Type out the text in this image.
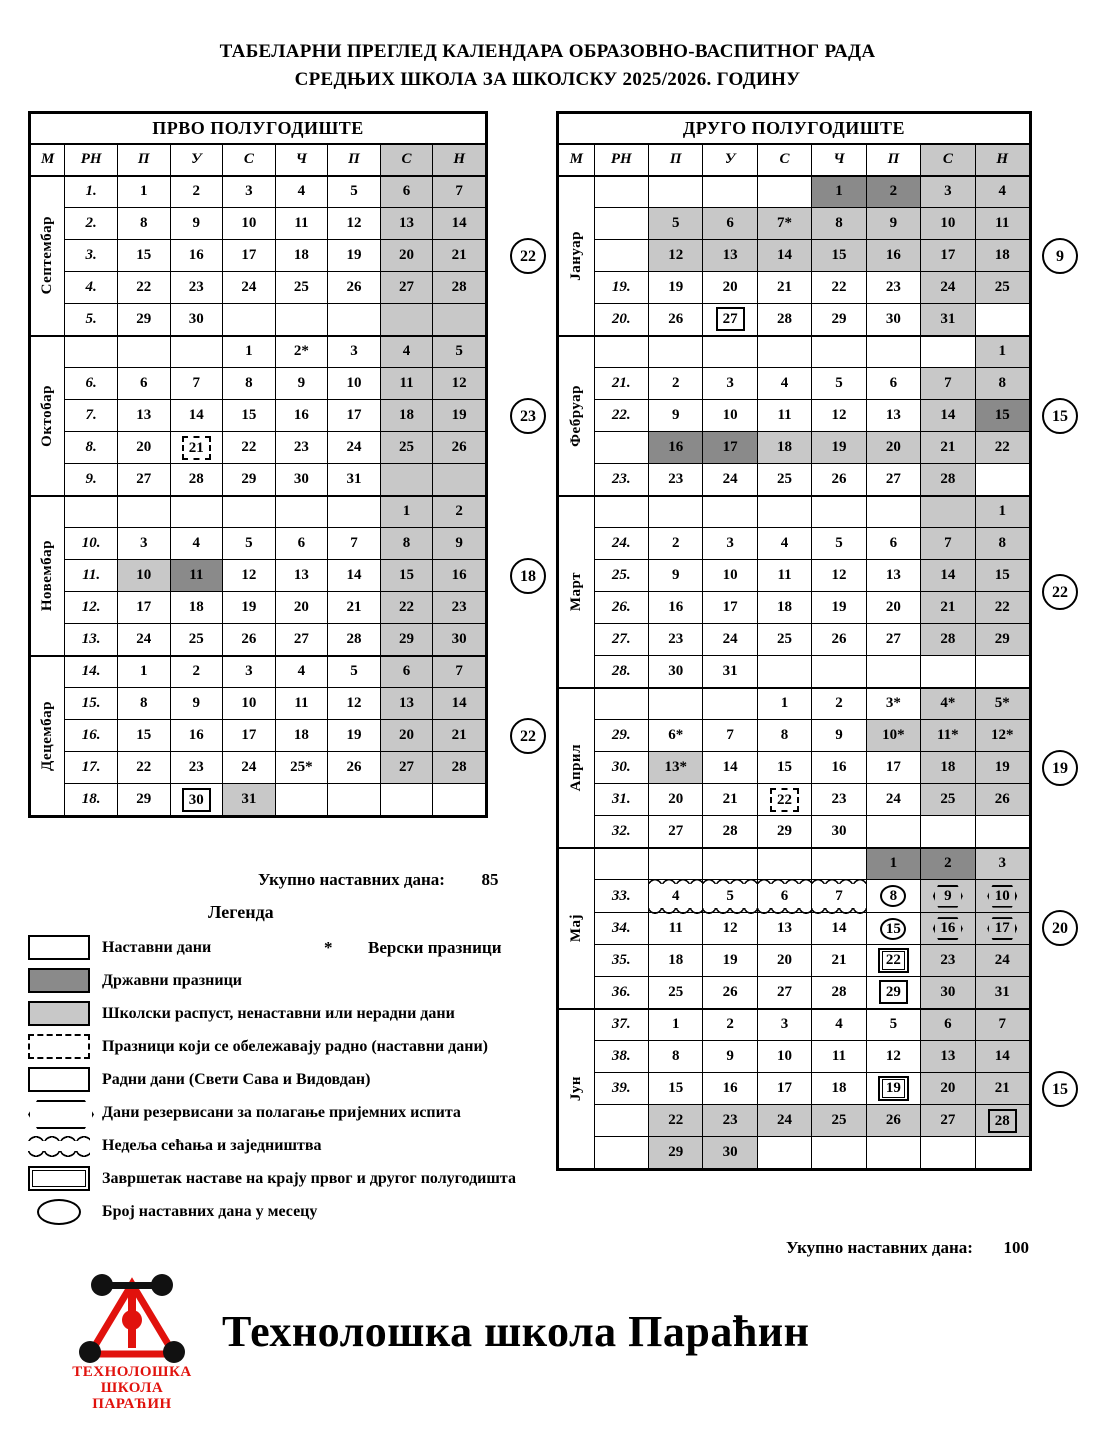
ТАБЕЛАРНИ ПРЕГЛЕД КАЛЕНДАРА ОБРАЗОВНО-ВАСПИТНОГ РАДА
СРЕДЊИХ ШКОЛА ЗА ШКОЛСКУ 2025/2026. ГОДИНУ
ПРВО ПОЛУГОДИШТЕ								
М	РН	П	У	С	Ч	П	С	Н

Септембар	1.	1	2	3	4	5	6	7
	2.	8	9	10	11	12	13	14
	3.	15	16	17	18	19	20	21
	4.	22	23	24	25	26	27	28
	5.	29	30					

Октобар				1	2*	3	4	5
	6.	6	7	8	9	10	11	12
	7.	13	14	15	16	17	18	19
	8.	20	21	22	23	24	25	26
	9.	27	28	29	30	31		

Новембар							1	2
	10.	3	4	5	6	7	8	9
	11.	10	11	12	13	14	15	16
	12.	17	18	19	20	21	22	23
	13.	24	25	26	27	28	29	30

Децембар	14.	1	2	3	4	5	6	7
	15.	8	9	10	11	12	13	14
	16.	15	16	17	18	19	20	21
	17.	22	23	24	25*	26	27	28
	18.	29	30	31				
ДРУГО ПОЛУГОДИШТЕ								
М	РН	П	У	С	Ч	П	С	Н

Јануар					1	2	3	4
		5	6	7*	8	9	10	11
		12	13	14	15	16	17	18
	19.	19	20	21	22	23	24	25
	20.	26	27	28	29	30	31	

Фебруар								1
	21.	2	3	4	5	6	7	8
	22.	9	10	11	12	13	14	15
		16	17	18	19	20	21	22
	23.	23	24	25	26	27	28	

Март								1
	24.	2	3	4	5	6	7	8
	25.	9	10	11	12	13	14	15
	26.	16	17	18	19	20	21	22
	27.	23	24	25	26	27	28	29
	28.	30	31					

Април				1	2	3*	4*	5*
	29.	6*	7	8	9	10*	11*	12*
	30.	13*	14	15	16	17	18	19
	31.	20	21	22	23	24	25	26
	32.	27	28	29	30			

Мај						1	2	3
	33.	4	5	6	7	8	9	10
	34.	11	12	13	14	15	16	17
	35.	18	19	20	21	22	23	24
	36.	25	26	27	28	29	30	31

Јун	37.	1	2	3	4	5	6	7
	38.	8	9	10	11	12	13	14
	39.	15	16	17	18	19	20	21
		22	23	24	25	26	27	28
		29	30					
22
23
18
22
9
15
22
19
20
15
Укупно наставних дана: 85
Укупно наставних дана: 100
Легенда
Наставни дани	* Верски празници
Државни празници
Школски распуст, ненаставни или нерадни дани
Празници који се обележавају радно (наставни дани)
Радни дани (Свети Сава и Видовдан)
Дани резервисани за полагање пријемних испита
Недеља сећања и заједништва
Завршетак наставе на крају првог и другог полугодишта
Број наставних дана у месецу
ТЕХНОЛОШКА
ШКОЛА
ПАРАЋИН
Технолошка школа Параћин
